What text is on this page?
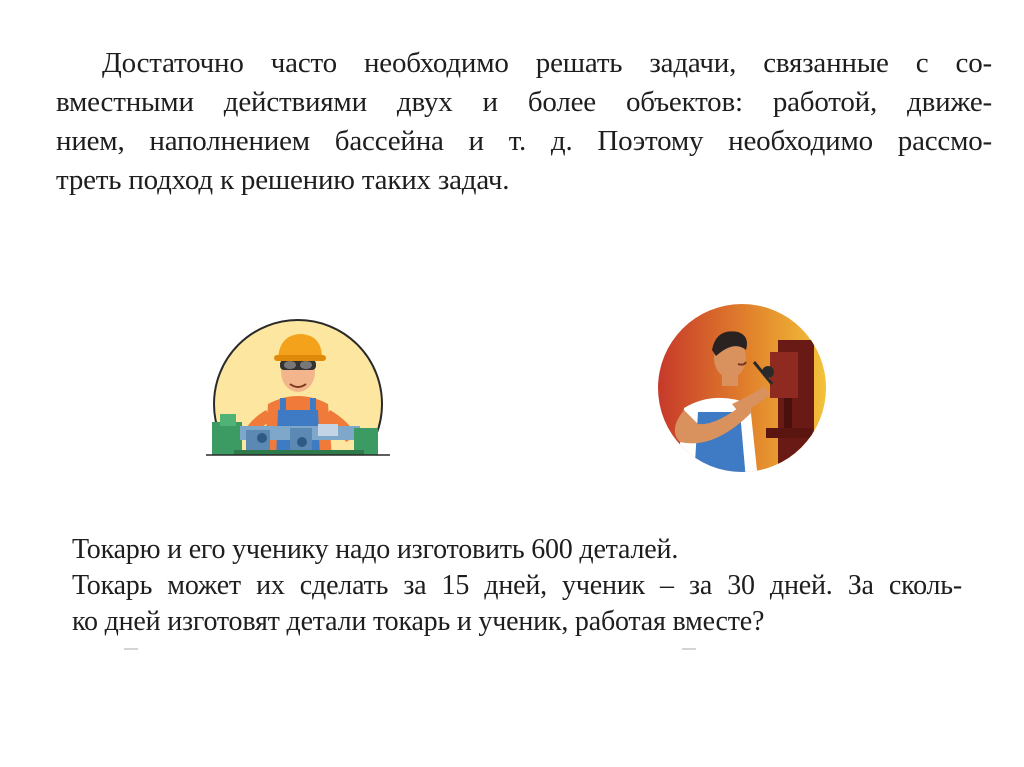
Достаточно часто необходимо решать задачи, связанные с со-
вместными действиями двух и более объектов: работой, движе-
нием, наполнением бассейна и т. д. Поэтому необходимо рассмо-
треть подход к решению таких задач.

Токарю и его ученику надо изготовить 600 деталей.
Токарь может их сделать за 15 дней, ученик – за 30 дней. За сколь-
ко дней изготовят детали токарь и ученик, работая вместе?
